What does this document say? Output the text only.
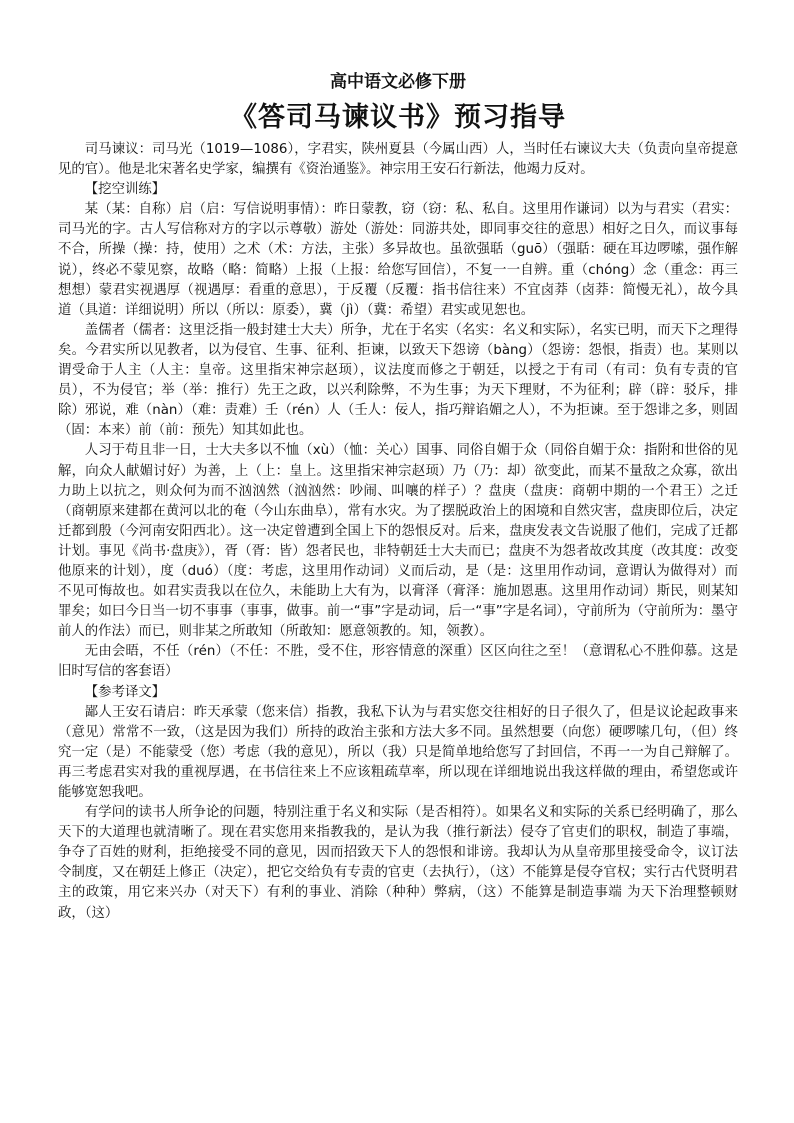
高中语文必修下册
《答司马谏议书》预习指导

司马谏议：司马光（1019—1086），字君实，陕州夏县（今属山西）人，当时任右谏议大夫（负责向皇帝提意见的官）。他是北宋著名史学家，编撰有《资治通鉴》。神宗用王安石行新法，他竭力反对。

【挖空训练】

某（某：自称）启（启：写信说明事情）：昨日蒙教，窃（窃：私、私自。这里用作谦词）以为与君实（君实：司马光的字。古人写信称对方的字以示尊敬）游处（游处：同游共处，即同事交往的意思）相好之日久，而议事每不合，所操（操：持，使用）之术（术：方法，主张）多异故也。虽欲强聒（guō）（强聒：硬在耳边啰嗦，强作解说），终必不蒙见察，故略（略：简略）上报（上报：给您写回信），不复一一自辨。重（chóng）念（重念：再三想想）蒙君实视遇厚（视遇厚：看重的意思），于反覆（反覆：指书信往来）不宜卤莽（卤莽：简慢无礼），故今具道（具道：详细说明）所以（所以：原委），冀（jì）（冀：希望）君实或见恕也。

盖儒者（儒者：这里泛指一般封建士大夫）所争，尤在于名实（名实：名义和实际），名实已明，而天下之理得矣。今君实所以见教者，以为侵官、生事、征利、拒谏，以致天下怨谤（bàng）（怨谤：怨恨，指责）也。某则以谓受命于人主（人主：皇帝。这里指宋神宗赵顼），议法度而修之于朝廷，以授之于有司（有司：负有专责的官员），不为侵官；举（举：推行）先王之政，以兴利除弊，不为生事；为天下理财，不为征利；辟（辟：驳斥，排除）邪说，难（nàn）（难：责难）壬（rén）人（壬人：佞人，指巧辩谄媚之人），不为拒谏。至于怨诽之多，则固（固：本来）前（前：预先）知其如此也。

人习于苟且非一日，士大夫多以不恤（xù）（恤：关心）国事、同俗自媚于众（同俗自媚于众：指附和世俗的见解，向众人献媚讨好）为善，上（上：皇上。这里指宋神宗赵顼）乃（乃：却）欲变此，而某不量敌之众寡，欲出力助上以抗之，则众何为而不汹汹然（汹汹然：吵闹、叫嚷的样子）？盘庚（盘庚：商朝中期的一个君王）之迁（商朝原来建都在黄河以北的奄（今山东曲阜），常有水灾。为了摆脱政治上的困境和自然灾害，盘庚即位后，决定迁都到殷（今河南安阳西北）。这一决定曾遭到全国上下的怨恨反对。后来，盘庚发表文告说服了他们，完成了迁都计划。事见《尚书·盘庚》），胥（胥：皆）怨者民也，非特朝廷士大夫而已；盘庚不为怨者故改其度（改其度：改变他原来的计划），度（duó）（度：考虑，这里用作动词）义而后动，是（是：这里用作动词，意谓认为做得对）而不见可悔故也。如君实责我以在位久，未能助上大有为，以膏泽（膏泽：施加恩惠。这里用作动词）斯民，则某知罪矣；如曰今日当一切不事事（事事，做事。前一“事”字是动词，后一“事”字是名词），守前所为（守前所为：墨守前人的作法）而已，则非某之所敢知（所敢知：愿意领教的。知，领教）。

无由会晤，不任（rén）（不任：不胜，受不住，形容情意的深重）区区向往之至！（意谓私心不胜仰慕。这是旧时写信的客套语）

【参考译文】

鄙人王安石请启：昨天承蒙（您来信）指教，我私下认为与君实您交往相好的日子很久了，但是议论起政事来（意见）常常不一致，（这是因为我们）所持的政治主张和方法大多不同。虽然想要（向您）硬啰嗦几句，（但）终究一定（是）不能蒙受（您）考虑（我的意见），所以（我）只是简单地给您写了封回信，不再一一为自己辩解了。再三考虑君实对我的重视厚遇，在书信往来上不应该粗疏草率，所以现在详细地说出我这样做的理由，希望您或许能够宽恕我吧。

有学问的读书人所争论的问题，特别注重于名义和实际（是否相符）。如果名义和实际的关系已经明确了，那么天下的大道理也就清晰了。现在君实您用来指教我的，是认为我（推行新法）侵夺了官吏们的职权，制造了事端，争夺了百姓的财利，拒绝接受不同的意见，因而招致天下人的怨恨和诽谤。我却认为从皇帝那里接受命令，议订法令制度，又在朝廷上修正（决定），把它交给负有专责的官吏（去执行），（这）不能算是侵夺官权；实行古代贤明君主的政策，用它来兴办（对天下）有利的事业、消除（种种）弊病，（这）不能算是制造事端 为天下治理整顿财政，（这）
